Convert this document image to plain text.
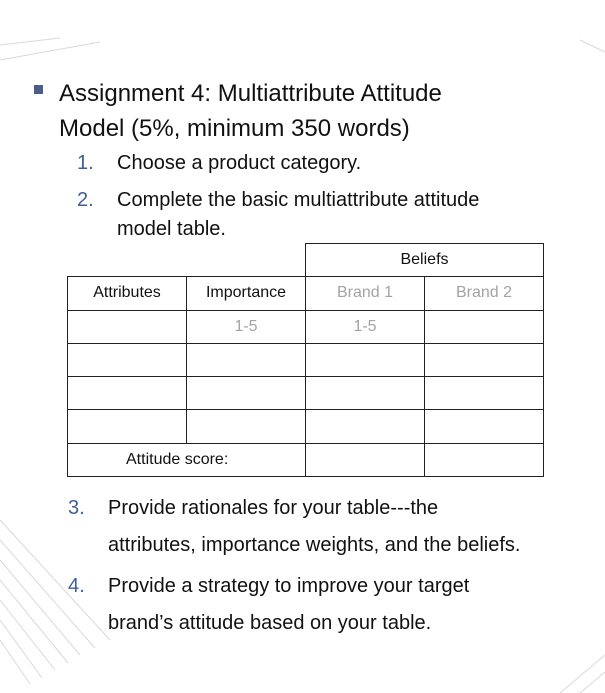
Assignment 4: Multiattribute Attitude
Model (5%, minimum 350 words)
1. Choose a product category.
2. Complete the basic multiattribute attitude
model table.
		Beliefs	
Attributes	Importance	Brand 1	Brand 2
	1-5	1-5	

Attitude score:			
3. Provide rationales for your table---the
attributes, importance weights, and the beliefs.
4. Provide a strategy to improve your target
brand’s attitude based on your table.
